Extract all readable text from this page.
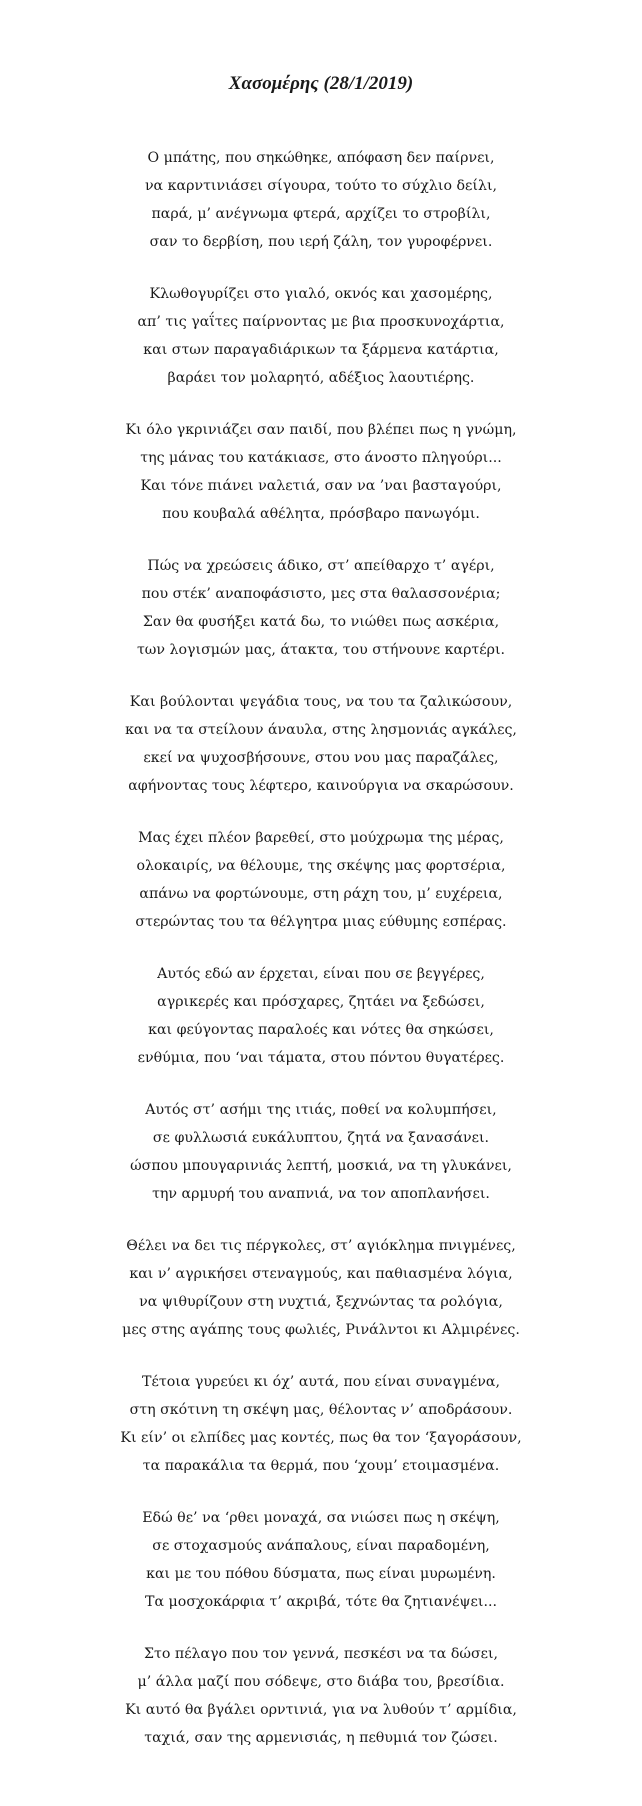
Χασομέρης (28/1/2019)

Ο μπάτης, που σηκώθηκε, απόφαση δεν παίρνει,
να καρντινιάσει σίγουρα, τούτο το σύχλιο δείλι,
παρά, μ’ ανέγνωμα φτερά, αρχίζει το στροβίλι,
σαν το δερβίση, που ιερή ζάλη, τον γυροφέρνει.

Κλωθογυρίζει στο γιαλό, οκνός και χασομέρης,
απ’ τις γαΐτες παίρνοντας με βια προσκυνοχάρτια,
και στων παραγαδιάρικων τα ξάρμενα κατάρτια,
βαράει τον μολαρητό, αδέξιος λαουτιέρης.

Κι όλο γκρινιάζει σαν παιδί, που βλέπει πως η γνώμη,
της μάνας του κατάκιασε, στο άνοστο πληγούρι...
Και τόνε πιάνει ναλετιά, σαν να ’ναι βασταγούρι,
που κουβαλά αθέλητα, πρόσβαρο πανωγόμι.

Πώς να χρεώσεις άδικο, στ’ απείθαρχο τ’ αγέρι,
που στέκ’ αναποφάσιστο, μες στα θαλασσονέρια;
Σαν θα φυσήξει κατά δω, το νιώθει πως ασκέρια,
των λογισμών μας, άτακτα, του στήνουνε καρτέρι.

Και βούλονται ψεγάδια τους, να του τα ζαλικώσουν,
και να τα στείλουν άναυλα, στης λησμονιάς αγκάλες,
εκεί να ψυχοσβήσουνε, στου νου μας παραζάλες,
αφήνοντας τους λέφτερο, καινούργια να σκαρώσουν.

Μας έχει πλέον βαρεθεί, στο μούχρωμα της μέρας,
ολοκαιρίς, να θέλουμε, της σκέψης μας φορτσέρια,
απάνω να φορτώνουμε, στη ράχη του, μ’ ευχέρεια,
στερώντας του τα θέλγητρα μιας εύθυμης εσπέρας.

Αυτός εδώ αν έρχεται, είναι που σε βεγγέρες,
αγρικερές και πρόσχαρες, ζητάει να ξεδώσει,
και φεύγοντας παραλοές και νότες θα σηκώσει,
ενθύμια, που ‘ναι τάματα, στου πόντου θυγατέρες.

Αυτός στ’ ασήμι της ιτιάς, ποθεί να κολυμπήσει,
σε φυλλωσιά ευκάλυπτου, ζητά να ξανασάνει.
ώσπου μπουγαρινιάς λεπτή, μοσκιά, να τη γλυκάνει,
την αρμυρή του αναπνιά, να τον αποπλανήσει.

Θέλει να δει τις πέργκολες, στ’ αγιόκλημα πνιγμένες,
και ν’ αγρικήσει στεναγμούς, και παθιασμένα λόγια,
να ψιθυρίζουν στη νυχτιά, ξεχνώντας τα ρολόγια,
μες στης αγάπης τους φωλιές, Ρινάλντοι κι Αλμιρένες.

Τέτοια γυρεύει κι όχ’ αυτά, που είναι συναγμένα,
στη σκότινη τη σκέψη μας, θέλοντας ν’ αποδράσουν.
Κι είν’ οι ελπίδες μας κοντές, πως θα τον ‘ξαγοράσουν,
τα παρακάλια τα θερμά, που ‘χουμ’ ετοιμασμένα.

Εδώ θε’ να ‘ρθει μοναχά, σα νιώσει πως η σκέψη,
σε στοχασμούς ανάπαλους, είναι παραδομένη,
και με του πόθου δύσματα, πως είναι μυρωμένη.
Τα μοσχοκάρφια τ’ ακριβά, τότε θα ζητιανέψει...

Στο πέλαγο που τον γεννά, πεσκέσι να τα δώσει,
μ’ άλλα μαζί που σόδεψε, στο διάβα του, βρεσίδια.
Κι αυτό θα βγάλει ορντινιά, για να λυθούν τ’ αρμίδια,
ταχιά, σαν της αρμενισιάς, η πεθυμιά τον ζώσει.
